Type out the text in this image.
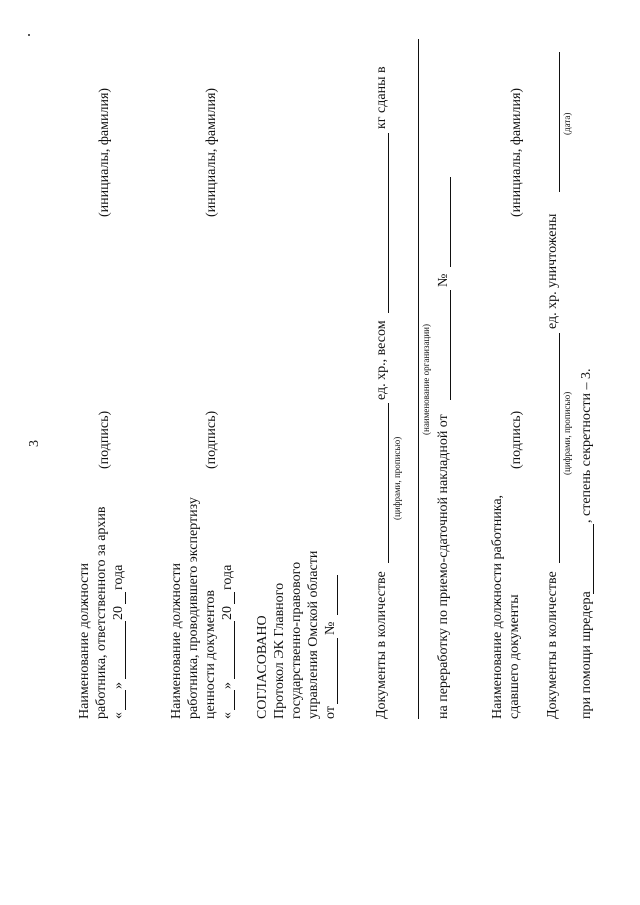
3
Наименование должности работника, ответственного за архив «
»
20
года
(подпись)
(инициалы, фамилия)
Наименование должности работника, проводившего экспертизу ценности документов «
»
20
года
(подпись)
(инициалы, фамилия)
СОГЛАСОВАНО Протокол ЭК Главного государственно-правового управления Омской области от
№	Документы в количестве
ед. хр., весом
кг сданы в
(цифрами, прописью)
(наименование организации)
на переработку по приемо-сдаточной накладной от
№
Наименование должности работника, сдавшего документы
(подпись)
(инициалы, фамилия)
Документы в количестве
ед. хр. уничтожены
(цифрами, прописью)
(дата)
при помощи шредера
, степень секретности – 3.
